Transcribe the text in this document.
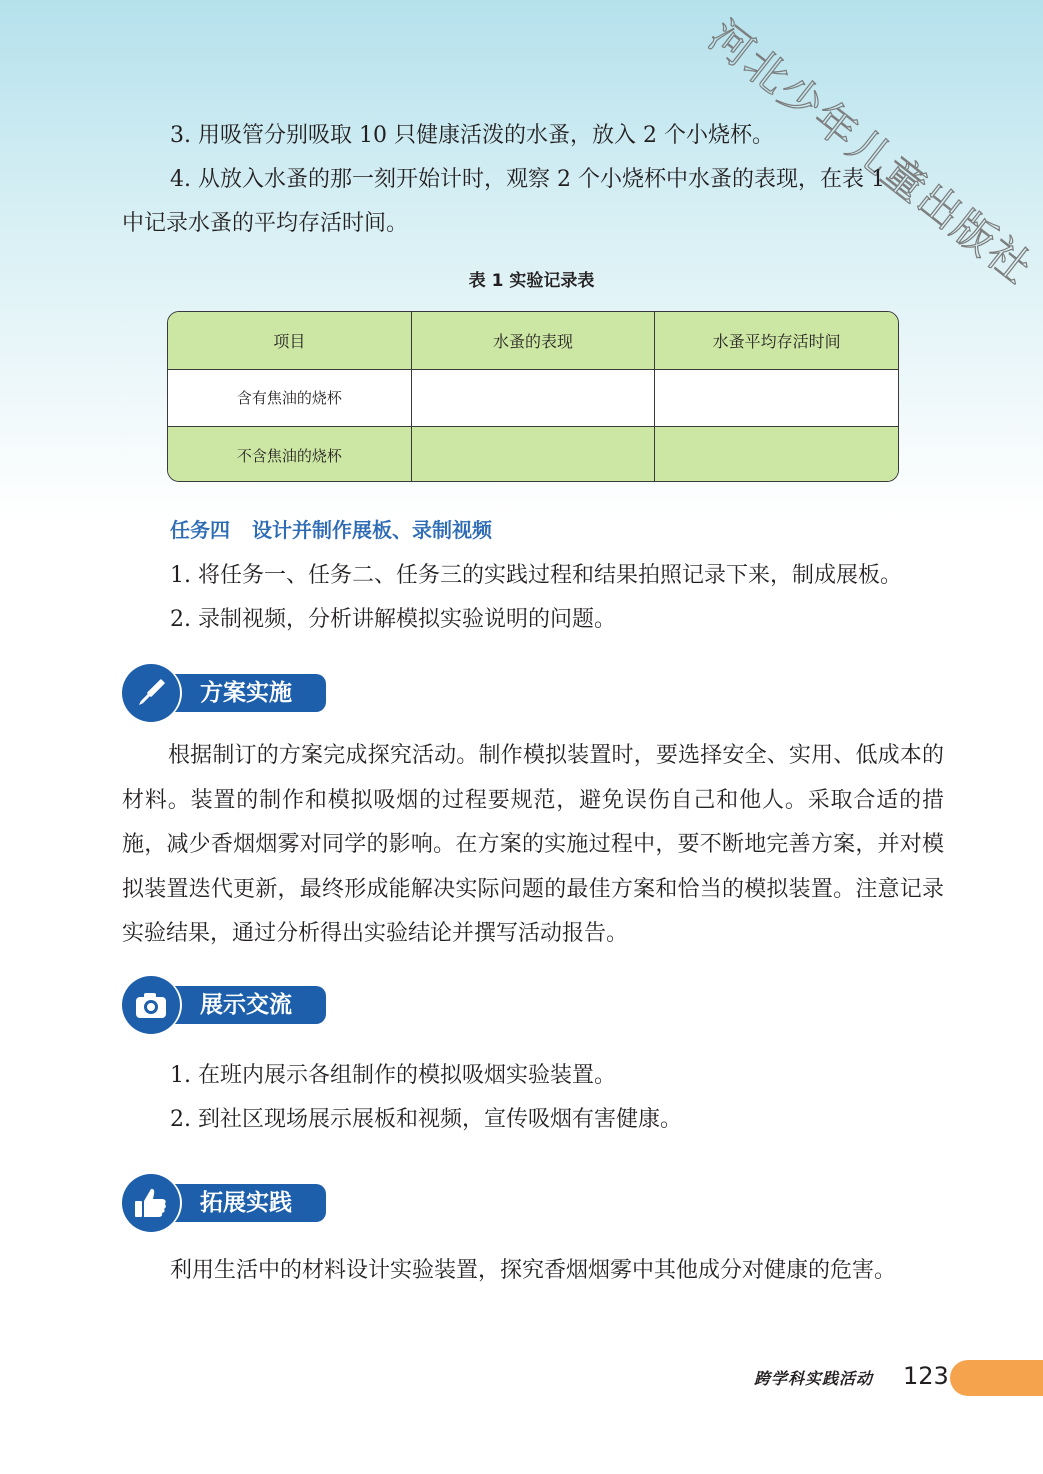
河北少年儿童出版社

3. 用吸管分别吸取 10 只健康活泼的水蚤，放入 2 个小烧杯。

4. 从放入水蚤的那一刻开始计时，观察 2 个小烧杯中水蚤的表现，在表 1

中记录水蚤的平均存活时间。

表 1 实验记录表
项目	水蚤的表现	水蚤平均存活时间
含有焦油的烧杯
不含焦油的烧杯
任务四 设计并制作展板、录制视频

1. 将任务一、任务二、任务三的实践过程和结果拍照记录下来，制成展板。

2. 录制视频，分析讲解模拟实验说明的问题。

方案实施

根据制订的方案完成探究活动。制作模拟装置时，要选择安全、实用、低成本的材料。装置的制作和模拟吸烟的过程要规范，避免误伤自己和他人。采取合适的措施，减少香烟烟雾对同学的影响。在方案的实施过程中，要不断地完善方案，并对模拟装置迭代更新，最终形成能解决实际问题的最佳方案和恰当的模拟装置。注意记录实验结果，通过分析得出实验结论并撰写活动报告。

展示交流

1. 在班内展示各组制作的模拟吸烟实验装置。

2. 到社区现场展示展板和视频，宣传吸烟有害健康。

拓展实践

利用生活中的材料设计实验装置，探究香烟烟雾中其他成分对健康的危害。

跨学科实践活动 123
